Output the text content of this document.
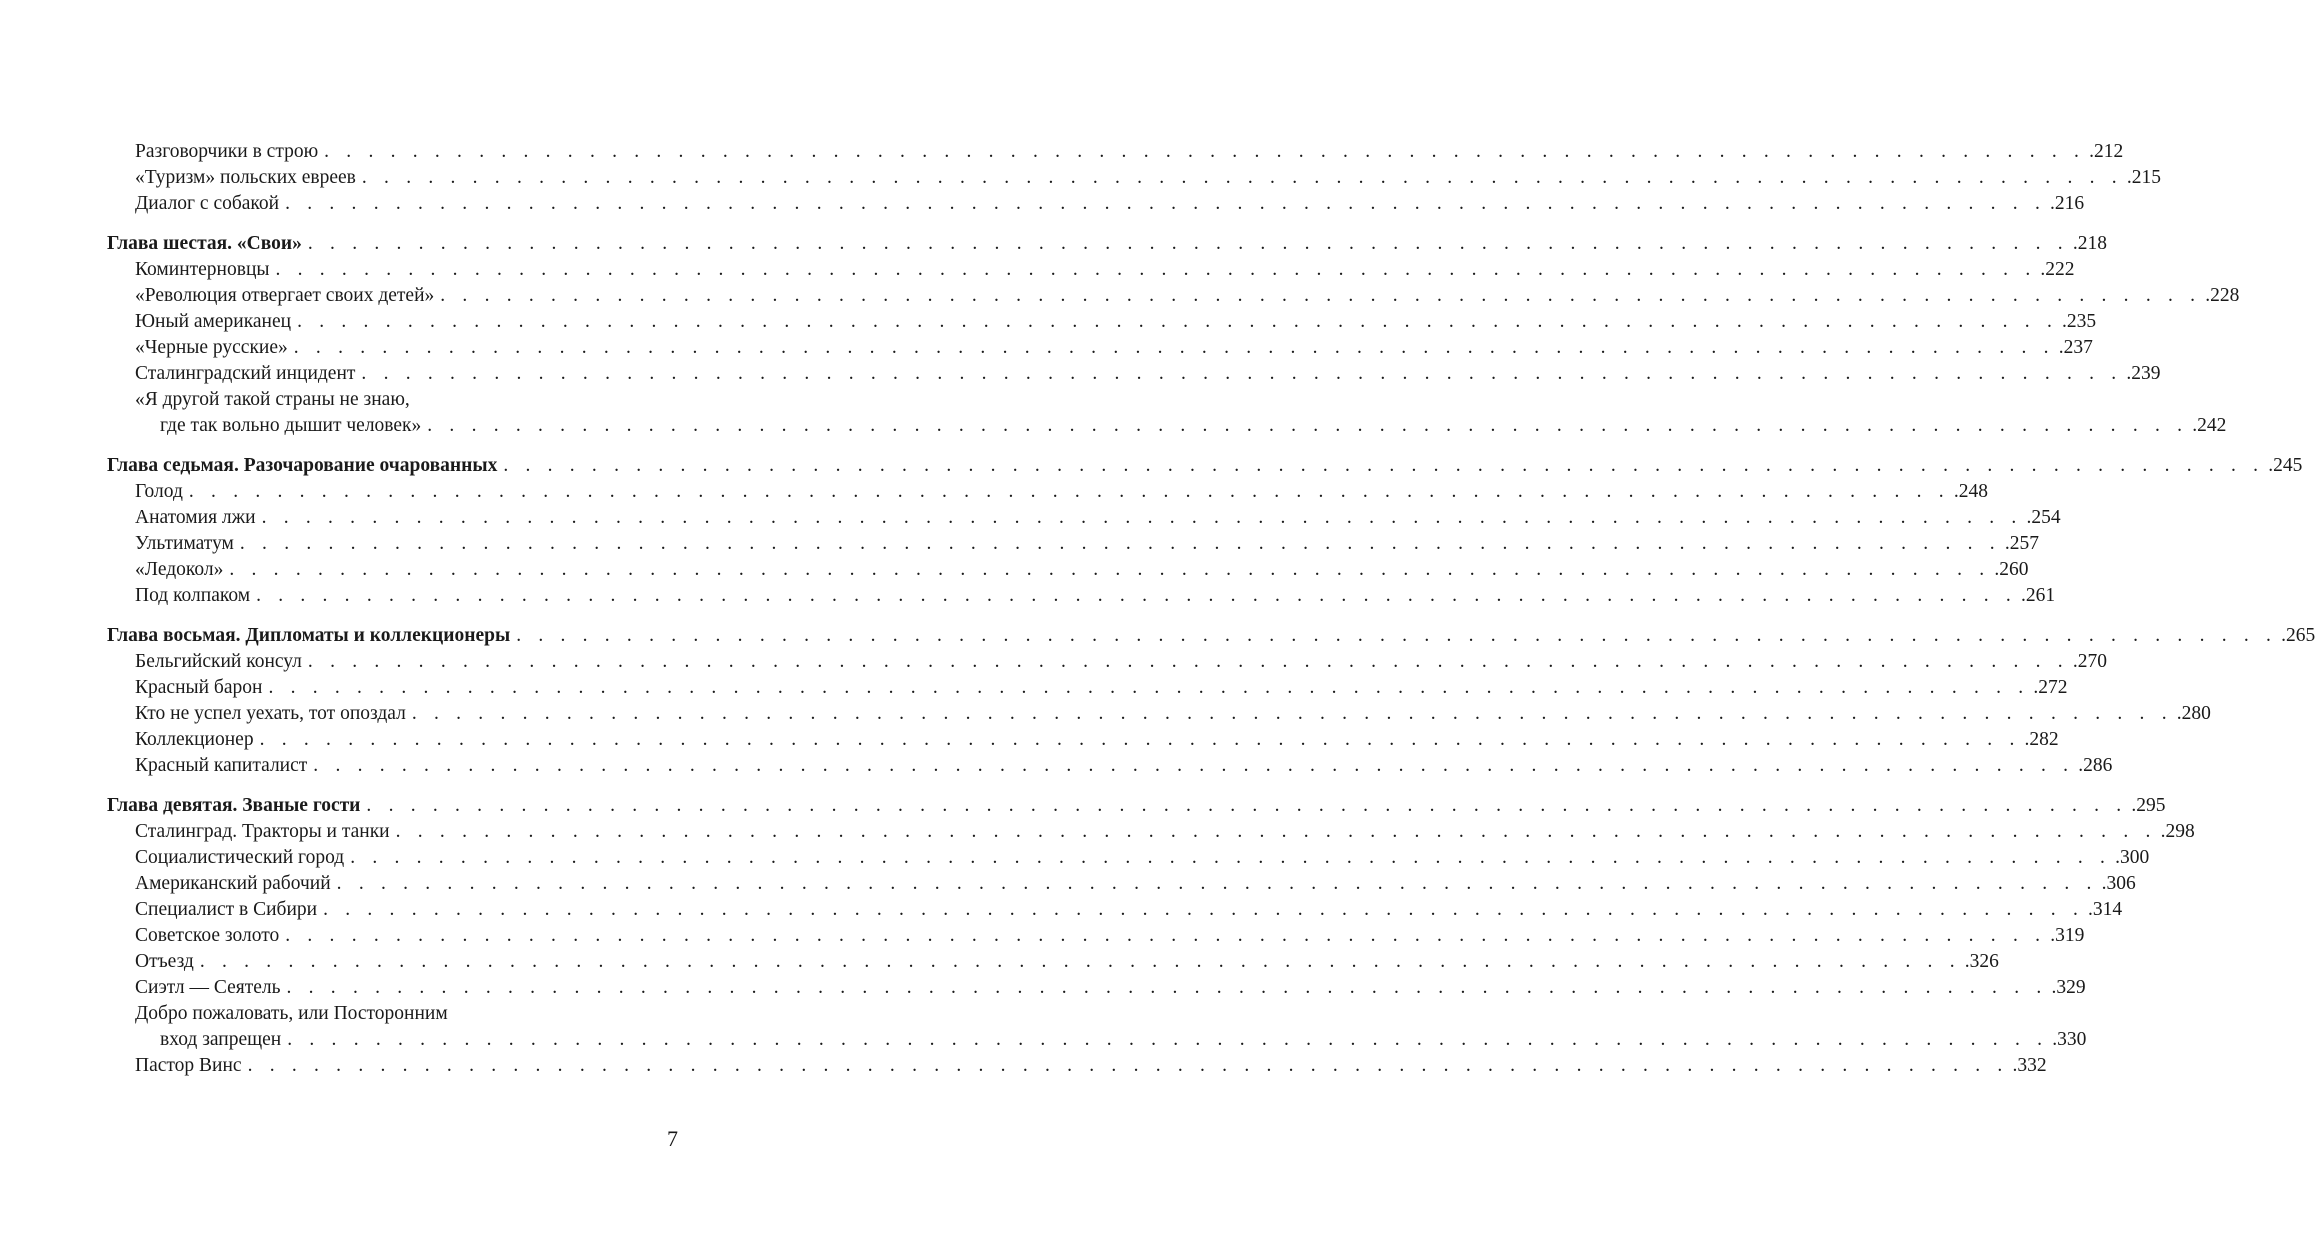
Разговорчики в строю . . . . . . . . . . . . . . . . . . . . . . . . . . . . . . . . . . . . . . . . . . . . . . . . . . . . . . . . . . . . . . . . . . . . . . . . . . . . . . . . .212
«Туризм» польских евреев . . . . . . . . . . . . . . . . . . . . . . . . . . . . . . . . . . . . . . . . . . . . . . . . . . . . . . . . . . . . . . . . . . . . . . . . . . . . . . . . .215
Диалог с собакой . . . . . . . . . . . . . . . . . . . . . . . . . . . . . . . . . . . . . . . . . . . . . . . . . . . . . . . . . . . . . . . . . . . . . . . . . . . . . . . . .216
Глава шестая. «Свои» . . . . . . . . . . . . . . . . . . . . . . . . . . . . . . . . . . . . . . . . . . . . . . . . . . . . . . . . . . . . . . . . . . . . . . . . . . . . . . . . .218
Коминтерновцы . . . . . . . . . . . . . . . . . . . . . . . . . . . . . . . . . . . . . . . . . . . . . . . . . . . . . . . . . . . . . . . . . . . . . . . . . . . . . . . . .222
«Революция отвергает своих детей» . . . . . . . . . . . . . . . . . . . . . . . . . . . . . . . . . . . . . . . . . . . . . . . . . . . . . . . . . . . . . . . . . . . . . . . . . . . . . . . . .228
Юный американец . . . . . . . . . . . . . . . . . . . . . . . . . . . . . . . . . . . . . . . . . . . . . . . . . . . . . . . . . . . . . . . . . . . . . . . . . . . . . . . . .235
«Черные русские» . . . . . . . . . . . . . . . . . . . . . . . . . . . . . . . . . . . . . . . . . . . . . . . . . . . . . . . . . . . . . . . . . . . . . . . . . . . . . . . . .237
Сталинградский инцидент . . . . . . . . . . . . . . . . . . . . . . . . . . . . . . . . . . . . . . . . . . . . . . . . . . . . . . . . . . . . . . . . . . . . . . . . . . . . . . . . .239
«Я другой такой страны не знаю,
где так вольно дышит человек» . . . . . . . . . . . . . . . . . . . . . . . . . . . . . . . . . . . . . . . . . . . . . . . . . . . . . . . . . . . . . . . . . . . . . . . . . . . . . . . . .242
Глава седьмая. Разочарование очарованных . . . . . . . . . . . . . . . . . . . . . . . . . . . . . . . . . . . . . . . . . . . . . . . . . . . . . . . . . . . . . . . . . . . . . . . . . . . . . . . . .245
Голод . . . . . . . . . . . . . . . . . . . . . . . . . . . . . . . . . . . . . . . . . . . . . . . . . . . . . . . . . . . . . . . . . . . . . . . . . . . . . . . . .248
Анатомия лжи . . . . . . . . . . . . . . . . . . . . . . . . . . . . . . . . . . . . . . . . . . . . . . . . . . . . . . . . . . . . . . . . . . . . . . . . . . . . . . . . .254
Ультиматум . . . . . . . . . . . . . . . . . . . . . . . . . . . . . . . . . . . . . . . . . . . . . . . . . . . . . . . . . . . . . . . . . . . . . . . . . . . . . . . . .257
«Ледокол» . . . . . . . . . . . . . . . . . . . . . . . . . . . . . . . . . . . . . . . . . . . . . . . . . . . . . . . . . . . . . . . . . . . . . . . . . . . . . . . . .260
Под колпаком . . . . . . . . . . . . . . . . . . . . . . . . . . . . . . . . . . . . . . . . . . . . . . . . . . . . . . . . . . . . . . . . . . . . . . . . . . . . . . . . .261
Глава восьмая. Дипломаты и коллекционеры . . . . . . . . . . . . . . . . . . . . . . . . . . . . . . . . . . . . . . . . . . . . . . . . . . . . . . . . . . . . . . . . . . . . . . . . . . . . . . . . .265
Бельгийский консул . . . . . . . . . . . . . . . . . . . . . . . . . . . . . . . . . . . . . . . . . . . . . . . . . . . . . . . . . . . . . . . . . . . . . . . . . . . . . . . . .270
Красный барон . . . . . . . . . . . . . . . . . . . . . . . . . . . . . . . . . . . . . . . . . . . . . . . . . . . . . . . . . . . . . . . . . . . . . . . . . . . . . . . . .272
Кто не успел уехать, тот опоздал . . . . . . . . . . . . . . . . . . . . . . . . . . . . . . . . . . . . . . . . . . . . . . . . . . . . . . . . . . . . . . . . . . . . . . . . . . . . . . . . .280
Коллекционер . . . . . . . . . . . . . . . . . . . . . . . . . . . . . . . . . . . . . . . . . . . . . . . . . . . . . . . . . . . . . . . . . . . . . . . . . . . . . . . . .282
Красный капиталист . . . . . . . . . . . . . . . . . . . . . . . . . . . . . . . . . . . . . . . . . . . . . . . . . . . . . . . . . . . . . . . . . . . . . . . . . . . . . . . . .286
Глава девятая. Званые гости . . . . . . . . . . . . . . . . . . . . . . . . . . . . . . . . . . . . . . . . . . . . . . . . . . . . . . . . . . . . . . . . . . . . . . . . . . . . . . . . .295
Сталинград. Тракторы и танки . . . . . . . . . . . . . . . . . . . . . . . . . . . . . . . . . . . . . . . . . . . . . . . . . . . . . . . . . . . . . . . . . . . . . . . . . . . . . . . . .298
Социалистический город . . . . . . . . . . . . . . . . . . . . . . . . . . . . . . . . . . . . . . . . . . . . . . . . . . . . . . . . . . . . . . . . . . . . . . . . . . . . . . . . .300
Американский рабочий . . . . . . . . . . . . . . . . . . . . . . . . . . . . . . . . . . . . . . . . . . . . . . . . . . . . . . . . . . . . . . . . . . . . . . . . . . . . . . . . .306
Специалист в Сибири . . . . . . . . . . . . . . . . . . . . . . . . . . . . . . . . . . . . . . . . . . . . . . . . . . . . . . . . . . . . . . . . . . . . . . . . . . . . . . . . .314
Советское золото . . . . . . . . . . . . . . . . . . . . . . . . . . . . . . . . . . . . . . . . . . . . . . . . . . . . . . . . . . . . . . . . . . . . . . . . . . . . . . . . .319
Отъезд . . . . . . . . . . . . . . . . . . . . . . . . . . . . . . . . . . . . . . . . . . . . . . . . . . . . . . . . . . . . . . . . . . . . . . . . . . . . . . . . .326
Сиэтл — Сеятель . . . . . . . . . . . . . . . . . . . . . . . . . . . . . . . . . . . . . . . . . . . . . . . . . . . . . . . . . . . . . . . . . . . . . . . . . . . . . . . . .329
Добро пожаловать, или Посторонним
вход запрещен . . . . . . . . . . . . . . . . . . . . . . . . . . . . . . . . . . . . . . . . . . . . . . . . . . . . . . . . . . . . . . . . . . . . . . . . . . . . . . . . .330
Пастор Винс . . . . . . . . . . . . . . . . . . . . . . . . . . . . . . . . . . . . . . . . . . . . . . . . . . . . . . . . . . . . . . . . . . . . . . . . . . . . . . . . .332
7
